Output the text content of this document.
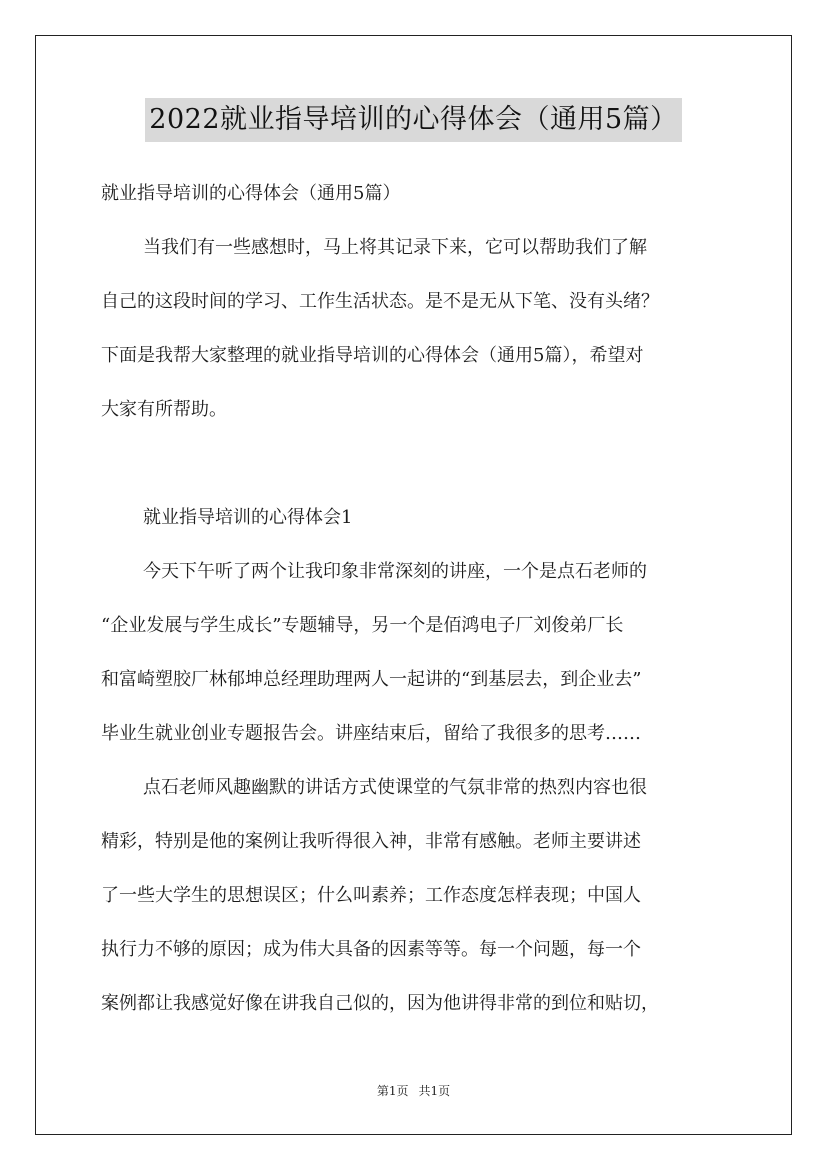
2022就业指导培训的心得体会（通用5篇）
就业指导培训的心得体会（通用5篇）
当我们有一些感想时，马上将其记录下来，它可以帮助我们了解
自己的这段时间的学习、工作生活状态。是不是无从下笔、没有头绪？
下面是我帮大家整理的就业指导培训的心得体会（通用5篇），希望对
大家有所帮助。
就业指导培训的心得体会1
今天下午听了两个让我印象非常深刻的讲座，一个是点石老师的
“企业发展与学生成长”专题辅导，另一个是佰鸿电子厂刘俊弟厂长
和富崎塑胶厂林郁坤总经理助理两人一起讲的“到基层去，到企业去”
毕业生就业创业专题报告会。讲座结束后，留给了我很多的思考……
点石老师风趣幽默的讲话方式使课堂的气氛非常的热烈内容也很
精彩，特别是他的案例让我听得很入神，非常有感触。老师主要讲述
了一些大学生的思想误区；什么叫素养；工作态度怎样表现；中国人
执行力不够的原因；成为伟大具备的因素等等。每一个问题，每一个
案例都让我感觉好像在讲我自己似的，因为他讲得非常的到位和贴切，
第1页 共1页
